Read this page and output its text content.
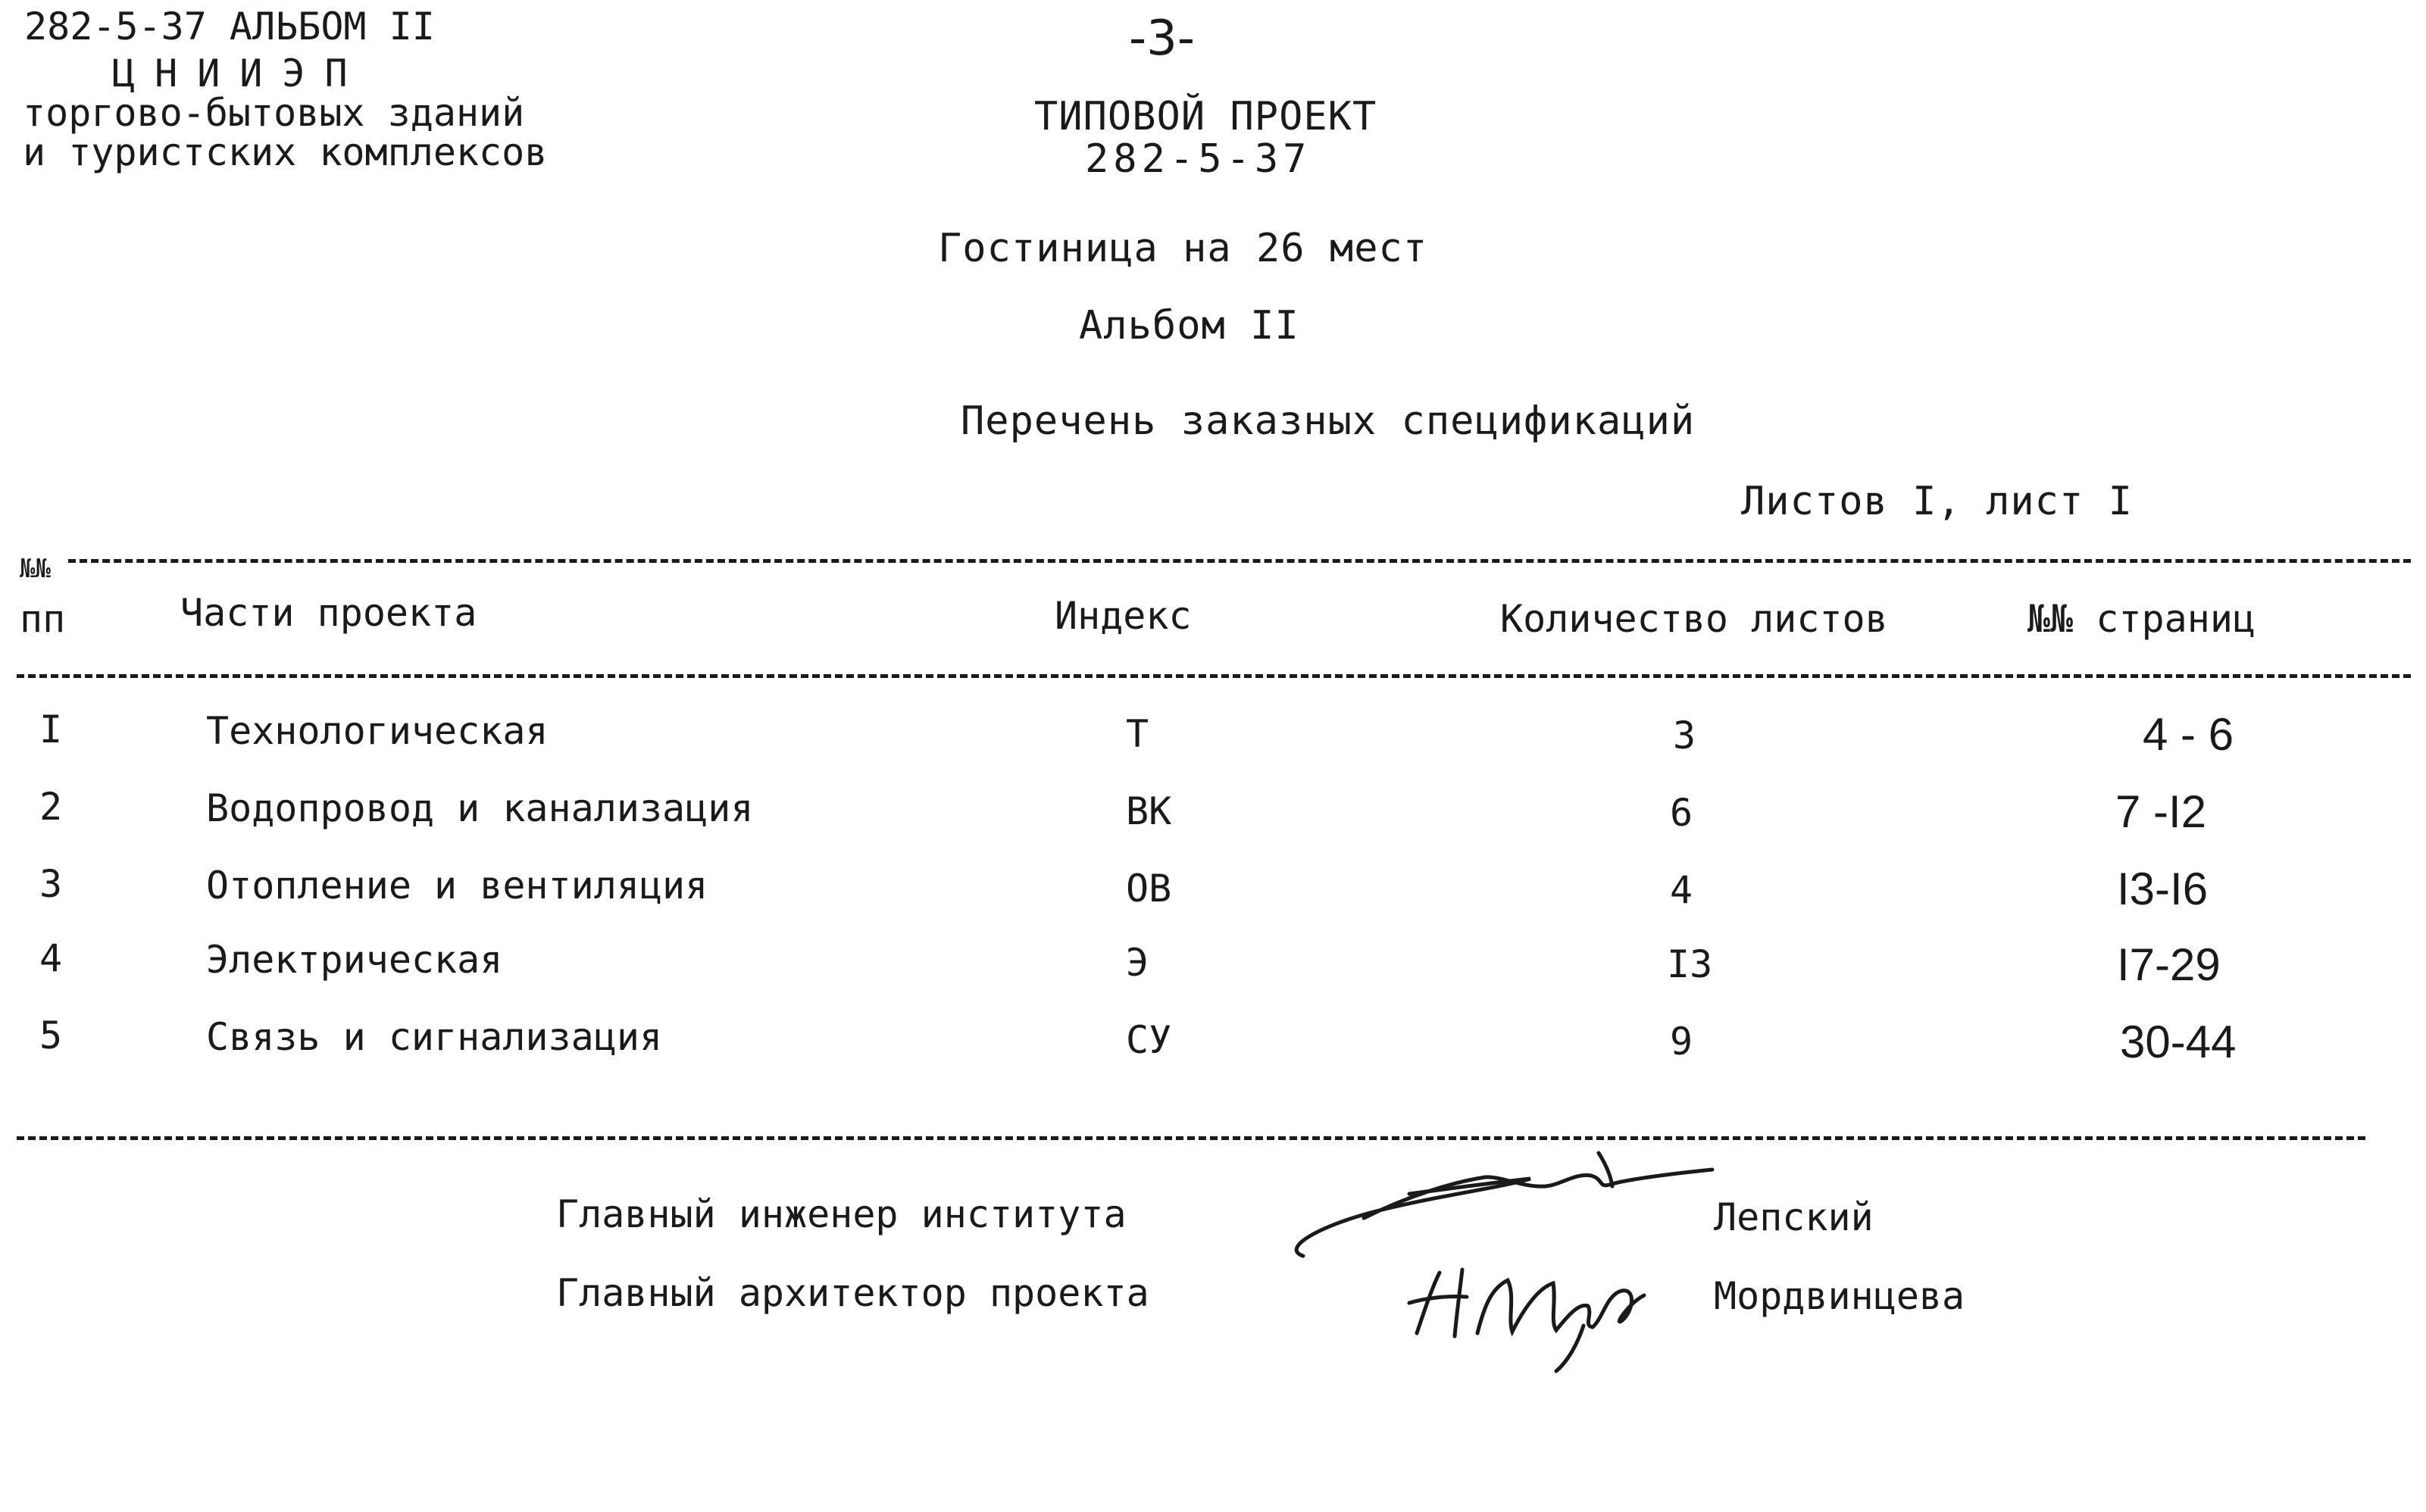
282-5-37 АЛЬБОМ II
ЦНИИЭП
торгово-бытовых зданий
и туристских комплексов
-3-
ТИПОВОЙ ПРОЕКТ
282-5-37
Гостиница на 26 мест
Альбом II
Перечень заказных спецификаций
Листов I, лист I
№№
пп	Части проекта	Индекс	Количество листов	№№ страниц
I	Технологическая	Т	3	4 - 6
2	Водопровод и канализация	ВК	6	7 -I2
3	Отопление и вентиляция	ОВ	4	I3-I6
4	Электрическая	Э	I3	I7-29
5	Связь и сигнализация	СУ	9	30-44
Главный инженер института	Лепский
Главный архитектор проекта	Мордвинцева
